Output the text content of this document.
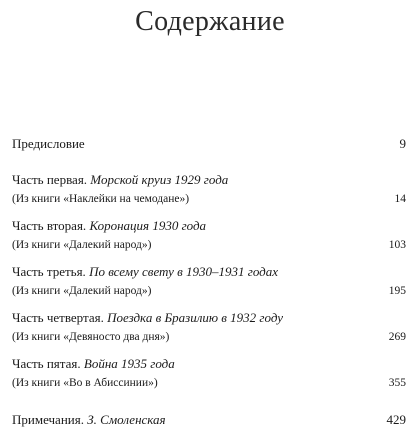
Содержание
Предисловие	9
Часть первая. Морской круиз 1929 года
(Из книги «Наклейки на чемодане»)	14
Часть вторая. Коронация 1930 года
(Из книги «Далекий народ»)	103
Часть третья. По всему свету в 1930–1931 годах
(Из книги «Далекий народ»)	195
Часть четвертая. Поездка в Бразилию в 1932 году
(Из книги «Девяносто два дня»)	269
Часть пятая. Война 1935 года
(Из книги «Во в Абиссинии»)	355
Примечания. З. Смоленская	429
